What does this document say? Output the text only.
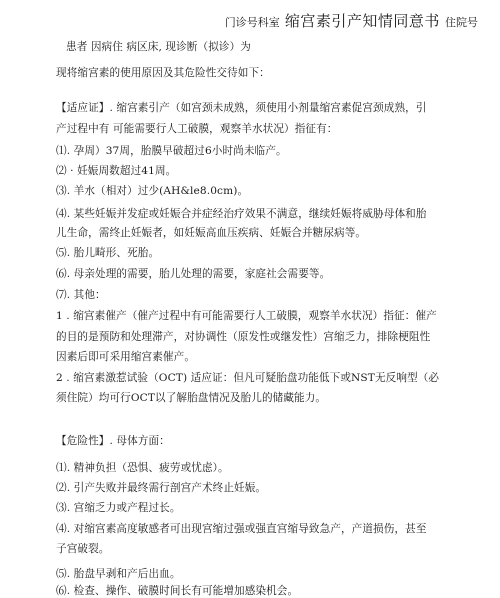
门诊号科室 缩宫素引产知情同意书 住院号
患者 因病住 病区床, 现诊断（拟诊）为
现将缩宫素的使用原因及其危险性交待如下：
【适应证】. 缩宫素引产（如宫颈未成熟，须使用小剂量缩宫素促宫颈成熟，引
产过程中有 可能需要行人工破膜，观察羊水状况）指征有：
⑴. 孕周）37周，胎膜早破超过6小时尚未临产。
⑵ · 妊娠周数超过41周。
⑶. 羊水（相对）过少(AH&le8.0cm)。
⑷. 某些妊娠并发症或妊娠合并症经治疗效果不满意，继续妊娠将威胁母体和胎
儿生命，需终止妊娠者，如妊娠高血压疾病、妊娠合并糖尿病等。
⑸. 胎儿畸形、死胎。
⑹. 母亲处理的需要，胎儿处理的需要，家庭社会需要等。
⑺. 其他：
1 . 缩宫素催产（催产过程中有可能需要行人工破膜，观察羊水状况）指征：催产
的目的是预防和处理滞产，对协调性（原发性或继发性）宫缩乏力，排除梗阻性
因素后即可采用缩宫素催产。
2 . 缩宫素激惹试验（OCT) 适应证：但凡可疑胎盘功能低下或NST无反响型（必
须住院）均可行OCT以了解胎盘情况及胎儿的储藏能力。
【危险性】. 母体方面：
⑴. 精神负担（恐惧、疲劳或忧虑）。
⑵. 引产失败并最终需行剖宫产术终止妊娠。
⑶. 宫缩乏力或产程过长。
⑷. 对缩宫素高度敏感者可出现宫缩过强或强直宫缩导致急产，产道损伤，甚至
子宫破裂。
⑸. 胎盘早剥和产后出血。
⑹. 检查、操作、破膜时间长有可能增加感染机会。
